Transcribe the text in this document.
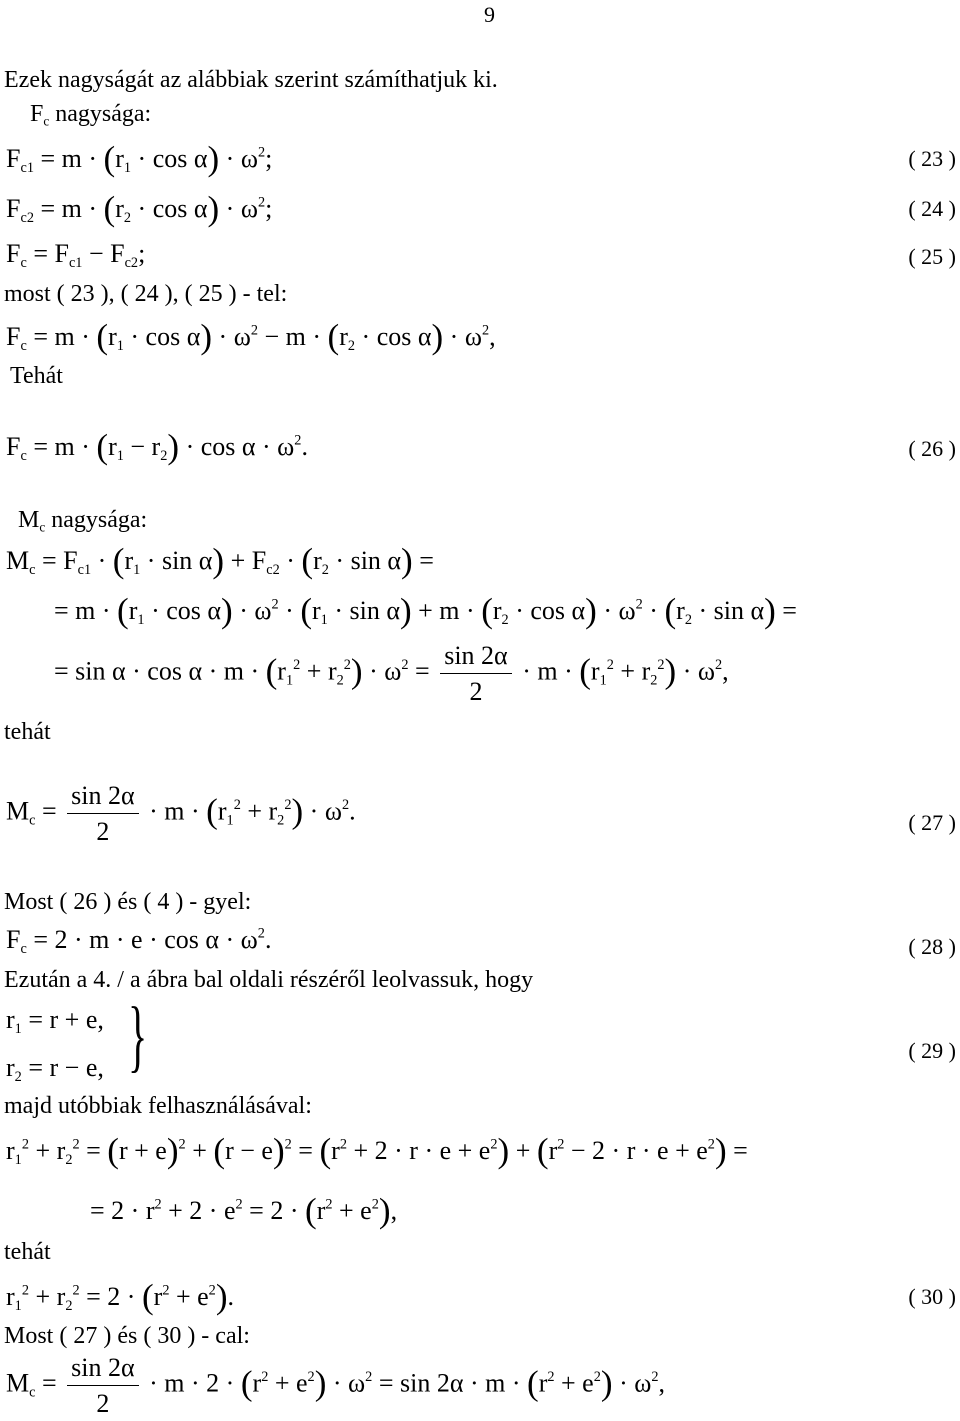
9
Ezek nagyságát az alábbiak szerint számíthatjuk ki.
$F_c$ nagysága:
$F_{c1} = m \cdot (r_1 \cdot \cos \alpha) \cdot \omega^2$;	( 23 )
$F_{c2} = m \cdot (r_2 \cdot \cos \alpha) \cdot \omega^2$;	( 24 )
$F_c = F_{c1} - F_{c2}$;	( 25 )
most ( 23 ), ( 24 ), ( 25 ) - tel:
$F_c = m \cdot (r_1 \cdot \cos \alpha) \cdot \omega^2 - m \cdot (r_2 \cdot \cos \alpha) \cdot \omega^2$,
Tehát
$F_c = m \cdot (r_1 - r_2) \cdot \cos \alpha \cdot \omega^2$.	( 26 )
$M_c$ nagysága:
$M_c = F_{c1} \cdot (r_1 \cdot \sin \alpha) + F_{c2} \cdot (r_2 \cdot \sin \alpha)$ =
= $m \cdot (r_1 \cdot \cos \alpha) \cdot \omega^2 \cdot (r_1 \cdot \sin \alpha) + m \cdot (r_2 \cdot \cos \alpha) \cdot \omega^2 \cdot (r_2 \cdot \sin \alpha)$ =
= $\sin \alpha \cdot \cos \alpha \cdot m \cdot (r_1^2 + r_2^2) \cdot \omega^2 = \frac{\sin 2\alpha}{2} \cdot m \cdot (r_1^2 + r_2^2) \cdot \omega^2$,
tehát
$M_c = \frac{\sin 2\alpha}{2} \cdot m \cdot (r_1^2 + r_2^2) \cdot \omega^2$.	( 27 )
Most ( 26 ) és ( 4 ) - gyel:
$F_c = 2 \cdot m \cdot e \cdot \cos \alpha \cdot \omega^2$.	( 28 )
Ezután a 4. / a ábra bal oldali részéről leolvassuk, hogy
$r_1 = r + e$,
$r_2 = r - e$, }	( 29 )
majd utóbbiak felhasználásával:
$r_1^2 + r_2^2 = (r + e)^2 + (r - e)^2 = (r^2 + 2 \cdot r \cdot e + e^2) + (r^2 - 2 \cdot r \cdot e + e^2)$ =
= $2 \cdot r^2 + 2 \cdot e^2 = 2 \cdot (r^2 + e^2)$,
tehát
$r_1^2 + r_2^2 = 2 \cdot (r^2 + e^2)$.	( 30 )
Most ( 27 ) és ( 30 ) - cal:
$M_c = \frac{\sin 2\alpha}{2} \cdot m \cdot 2 \cdot (r^2 + e^2) \cdot \omega^2 = \sin 2\alpha \cdot m \cdot (r^2 + e^2) \cdot \omega^2$,
